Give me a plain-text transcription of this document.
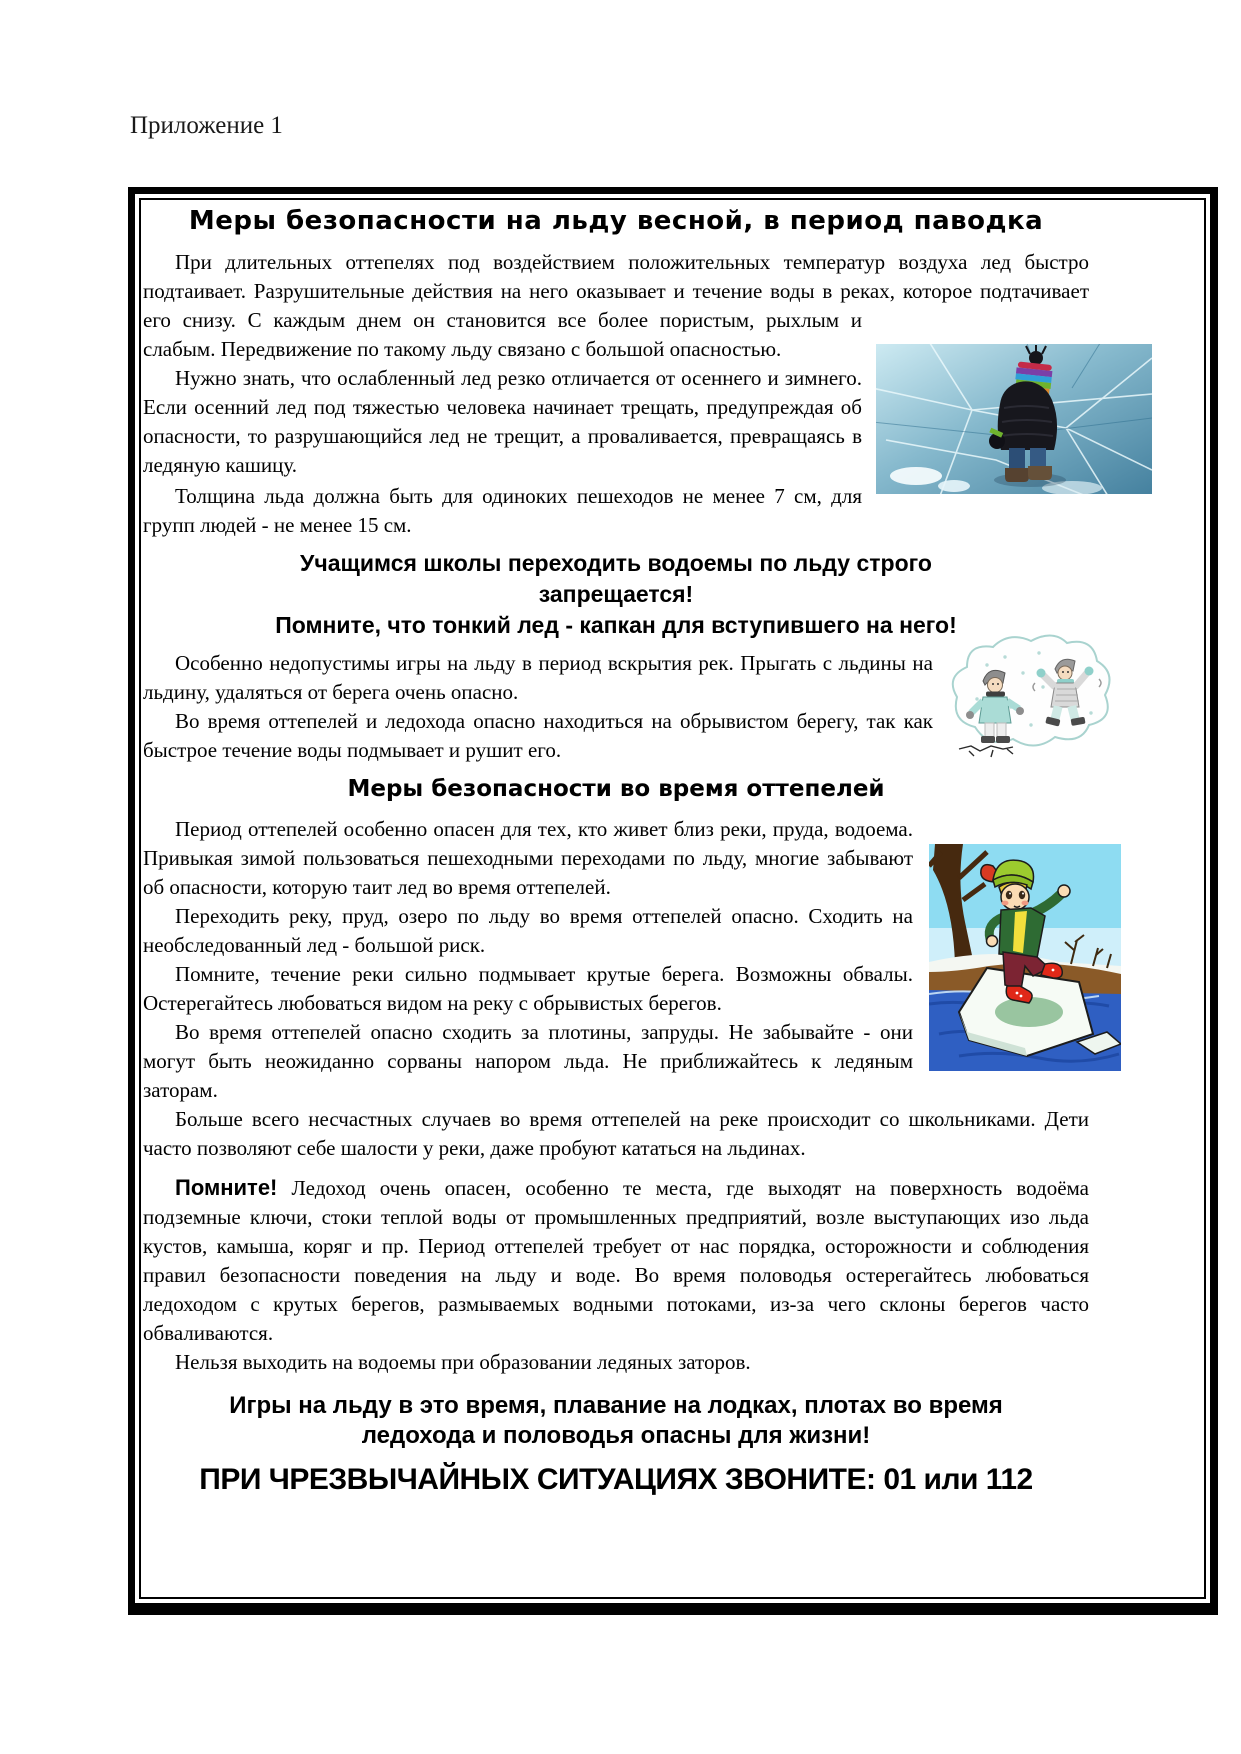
Приложение 1
Меры безопасности на льду весной, в период паводка

При длительных оттепелях под воздействием положительных температур воздуха лед быстро подтаивает. Разрушительные действия на него оказывает и течение воды в реках, которое подтачивает его снизу. С каждым днем он становится все более пористым, рыхлым и слабым. Передвижение по такому льду связано с большой опасностью.

Нужно знать, что ослабленный лед резко отличается от осеннего и зимнего. Если осенний лед под тяжестью человека начинает трещать, предупреждая об опасности, то разрушающийся лед не трещит, а проваливается, превращаясь в ледяную кашицу.

Толщина льда должна быть для одиноких пешеходов не менее 7 см, для групп людей - не менее 15 см.

Учащимся школы переходить водоемы по льду строго
запрещается!
Помните, что тонкий лед - капкан для вступившего на него!

Особенно недопустимы игры на льду в период вскрытия рек. Прыгать с льдины на льдину, удаляться от берега очень опасно.

Во время оттепелей и ледохода опасно находиться на обрывистом берегу, так как быстрое течение воды подмывает и рушит его.

Меры безопасности во время оттепелей

Период оттепелей особенно опасен для тех, кто живет близ реки, пруда, водоема. Привыкая зимой пользоваться пешеходными переходами по льду, многие забывают об опасности, которую таит лед во время оттепелей.

Переходить реку, пруд, озеро по льду во время оттепелей опасно. Сходить на необследованный лед - большой риск.

Помните, течение реки сильно подмывает крутые берега. Возможны обвалы. Остерегайтесь любоваться видом на реку с обрывистых берегов.

Во время оттепелей опасно сходить за плотины, запруды. Не забывайте - они могут быть неожиданно сорваны напором льда. Не приближайтесь к ледяным заторам.

Больше всего несчастных случаев во время оттепелей на реке происходит со школьниками. Дети часто позволяют себе шалости у реки, даже пробуют кататься на льдинах.

Помните! Ледоход очень опасен, особенно те места, где выходят на поверхность водоёма подземные ключи, стоки теплой воды от промышленных предприятий, возле выступающих изо льда кустов, камыша, коряг и пр. Период оттепелей требует от нас порядка, осторожности и соблюдения правил безопасности поведения на льду и воде. Во время половодья остерегайтесь любоваться ледоходом с крутых берегов, размываемых водными потоками, из-за чего склоны берегов часто обваливаются.

Нельзя выходить на водоемы при образовании ледяных заторов.

Игры на льду в это время, плавание на лодках, плотах во время
ледохода и половодья опасны для жизни!
ПРИ ЧРЕЗВЫЧАЙНЫХ СИТУАЦИЯХ ЗВОНИТЕ: 01 или 112
